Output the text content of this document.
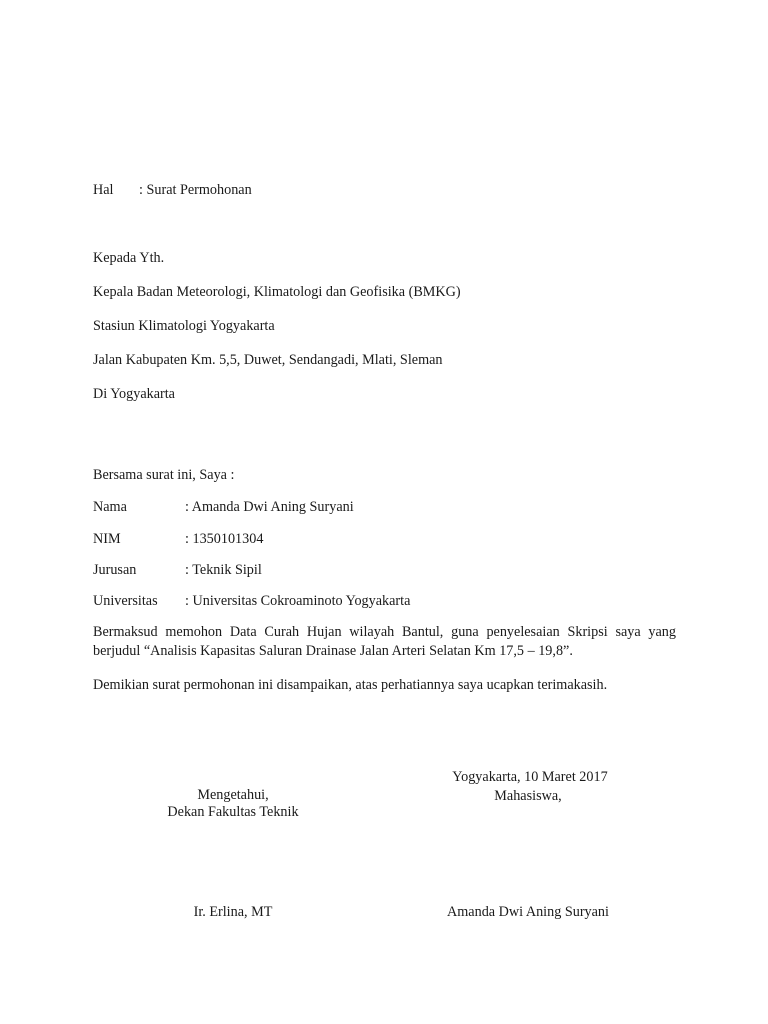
Hal : Surat Permohonan
Kepada Yth.
Kepala Badan Meteorologi, Klimatologi dan Geofisika (BMKG)
Stasiun Klimatologi Yogyakarta
Jalan Kabupaten Km. 5,5, Duwet, Sendangadi, Mlati, Sleman
Di Yogyakarta
Bersama surat ini, Saya :
Nama	: Amanda Dwi Aning Suryani
NIM	: 1350101304
Jurusan	: Teknik Sipil
Universitas : Universitas Cokroaminoto Yogyakarta
Bermaksud memohon Data Curah Hujan wilayah Bantul, guna penyelesaian Skripsi saya yang berjudul “Analisis Kapasitas Saluran Drainase Jalan Arteri Selatan Km 17,5 – 19,8”.
Demikian surat permohonan ini disampaikan, atas perhatiannya saya ucapkan terimakasih.
Yogyakarta, 10 Maret 2017
Mengetahui,
Dekan Fakultas Teknik
Mahasiswa,
Ir. Erlina, MT	Amanda Dwi Aning Suryani
